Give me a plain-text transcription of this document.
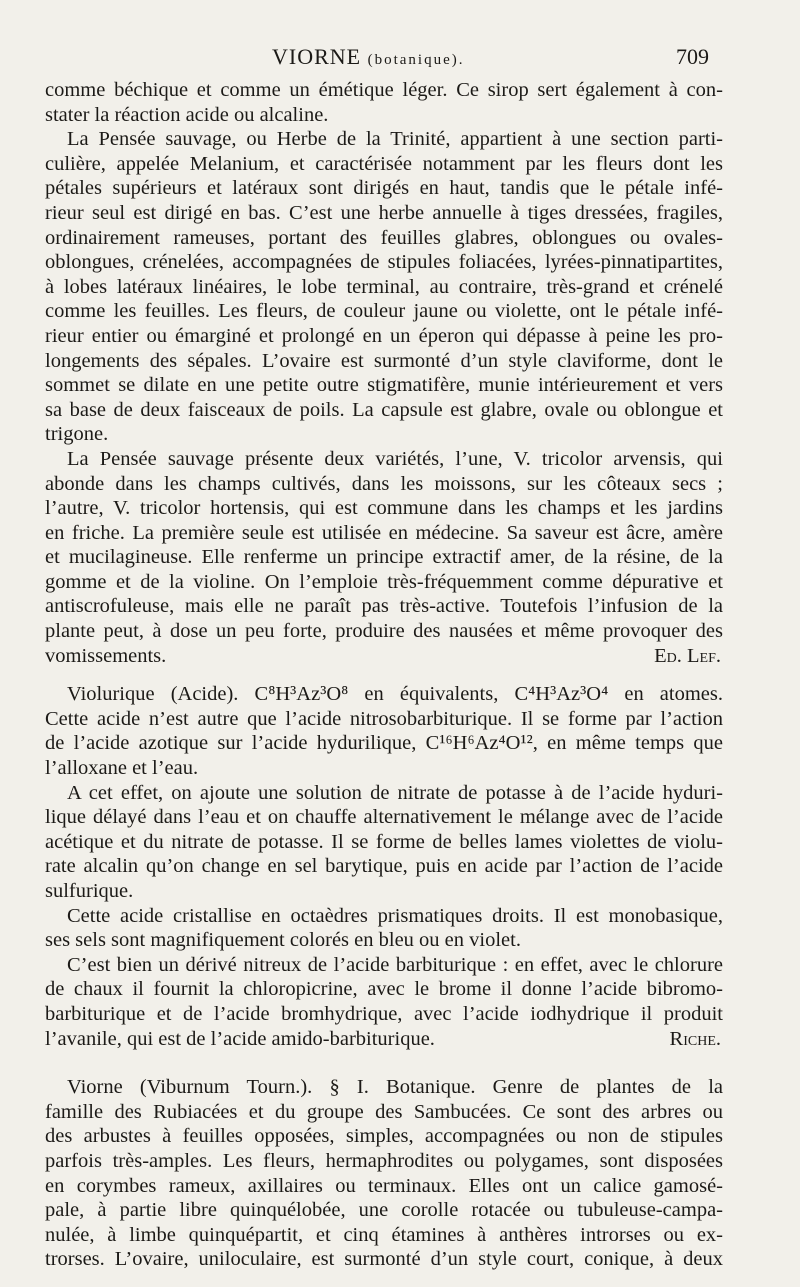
VIORNE (botanique).	709
comme béchique et comme un émétique léger. Ce sirop sert également à con-
stater la réaction acide ou alcaline.
La Pensée sauvage, ou Herbe de la Trinité, appartient à une section parti-
culière, appelée Melanium, et caractérisée notamment par les fleurs dont les
pétales supérieurs et latéraux sont dirigés en haut, tandis que le pétale infé-
rieur seul est dirigé en bas. C’est une herbe annuelle à tiges dressées, fragiles,
ordinairement rameuses, portant des feuilles glabres, oblongues ou ovales-
oblongues, crénelées, accompagnées de stipules foliacées, lyrées-pinnatipartites,
à lobes latéraux linéaires, le lobe terminal, au contraire, très-grand et crénelé
comme les feuilles. Les fleurs, de couleur jaune ou violette, ont le pétale infé-
rieur entier ou émarginé et prolongé en un éperon qui dépasse à peine les pro-
longements des sépales. L’ovaire est surmonté d’un style claviforme, dont le
sommet se dilate en une petite outre stigmatifère, munie intérieurement et vers
sa base de deux faisceaux de poils. La capsule est glabre, ovale ou oblongue et
trigone.
La Pensée sauvage présente deux variétés, l’une, V. tricolor arvensis, qui
abonde dans les champs cultivés, dans les moissons, sur les côteaux secs ;
l’autre, V. tricolor hortensis, qui est commune dans les champs et les jardins
en friche. La première seule est utilisée en médecine. Sa saveur est âcre, amère
et mucilagineuse. Elle renferme un principe extractif amer, de la résine, de la
gomme et de la violine. On l’emploie très-fréquemment comme dépurative et
antiscrofuleuse, mais elle ne paraît pas très-active. Toutefois l’infusion de la
plante peut, à dose un peu forte, produire des nausées et même provoquer des
vomissements.	Ed. Lef.
Violurique (Acide). C⁸H³Az³O⁸ en équivalents, C⁴H³Az³O⁴ en atomes.
Cette acide n’est autre que l’acide nitrosobarbiturique. Il se forme par l’action
de l’acide azotique sur l’acide hydurilique, C¹⁶H⁶Az⁴O¹², en même temps que
l’alloxane et l’eau.
A cet effet, on ajoute une solution de nitrate de potasse à de l’acide hyduri-
lique délayé dans l’eau et on chauffe alternativement le mélange avec de l’acide
acétique et du nitrate de potasse. Il se forme de belles lames violettes de violu-
rate alcalin qu’on change en sel barytique, puis en acide par l’action de l’acide
sulfurique.
Cette acide cristallise en octaèdres prismatiques droits. Il est monobasique,
ses sels sont magnifiquement colorés en bleu ou en violet.
C’est bien un dérivé nitreux de l’acide barbiturique : en effet, avec le chlorure
de chaux il fournit la chloropicrine, avec le brome il donne l’acide bibromo-
barbiturique et de l’acide bromhydrique, avec l’acide iodhydrique il produit
l’avanile, qui est de l’acide amido-barbiturique.	Riche.
Viorne (Viburnum Tourn.). § I. Botanique. Genre de plantes de la
famille des Rubiacées et du groupe des Sambucées. Ce sont des arbres ou
des arbustes à feuilles opposées, simples, accompagnées ou non de stipules
parfois très-amples. Les fleurs, hermaphrodites ou polygames, sont disposées
en corymbes rameux, axillaires ou terminaux. Elles ont un calice gamosé-
pale, à partie libre quinquélobée, une corolle rotacée ou tubuleuse-campa-
nulée, à limbe quinquépartit, et cinq étamines à anthères introrses ou ex-
trorses. L’ovaire, uniloculaire, est surmonté d’un style court, conique, à deux
